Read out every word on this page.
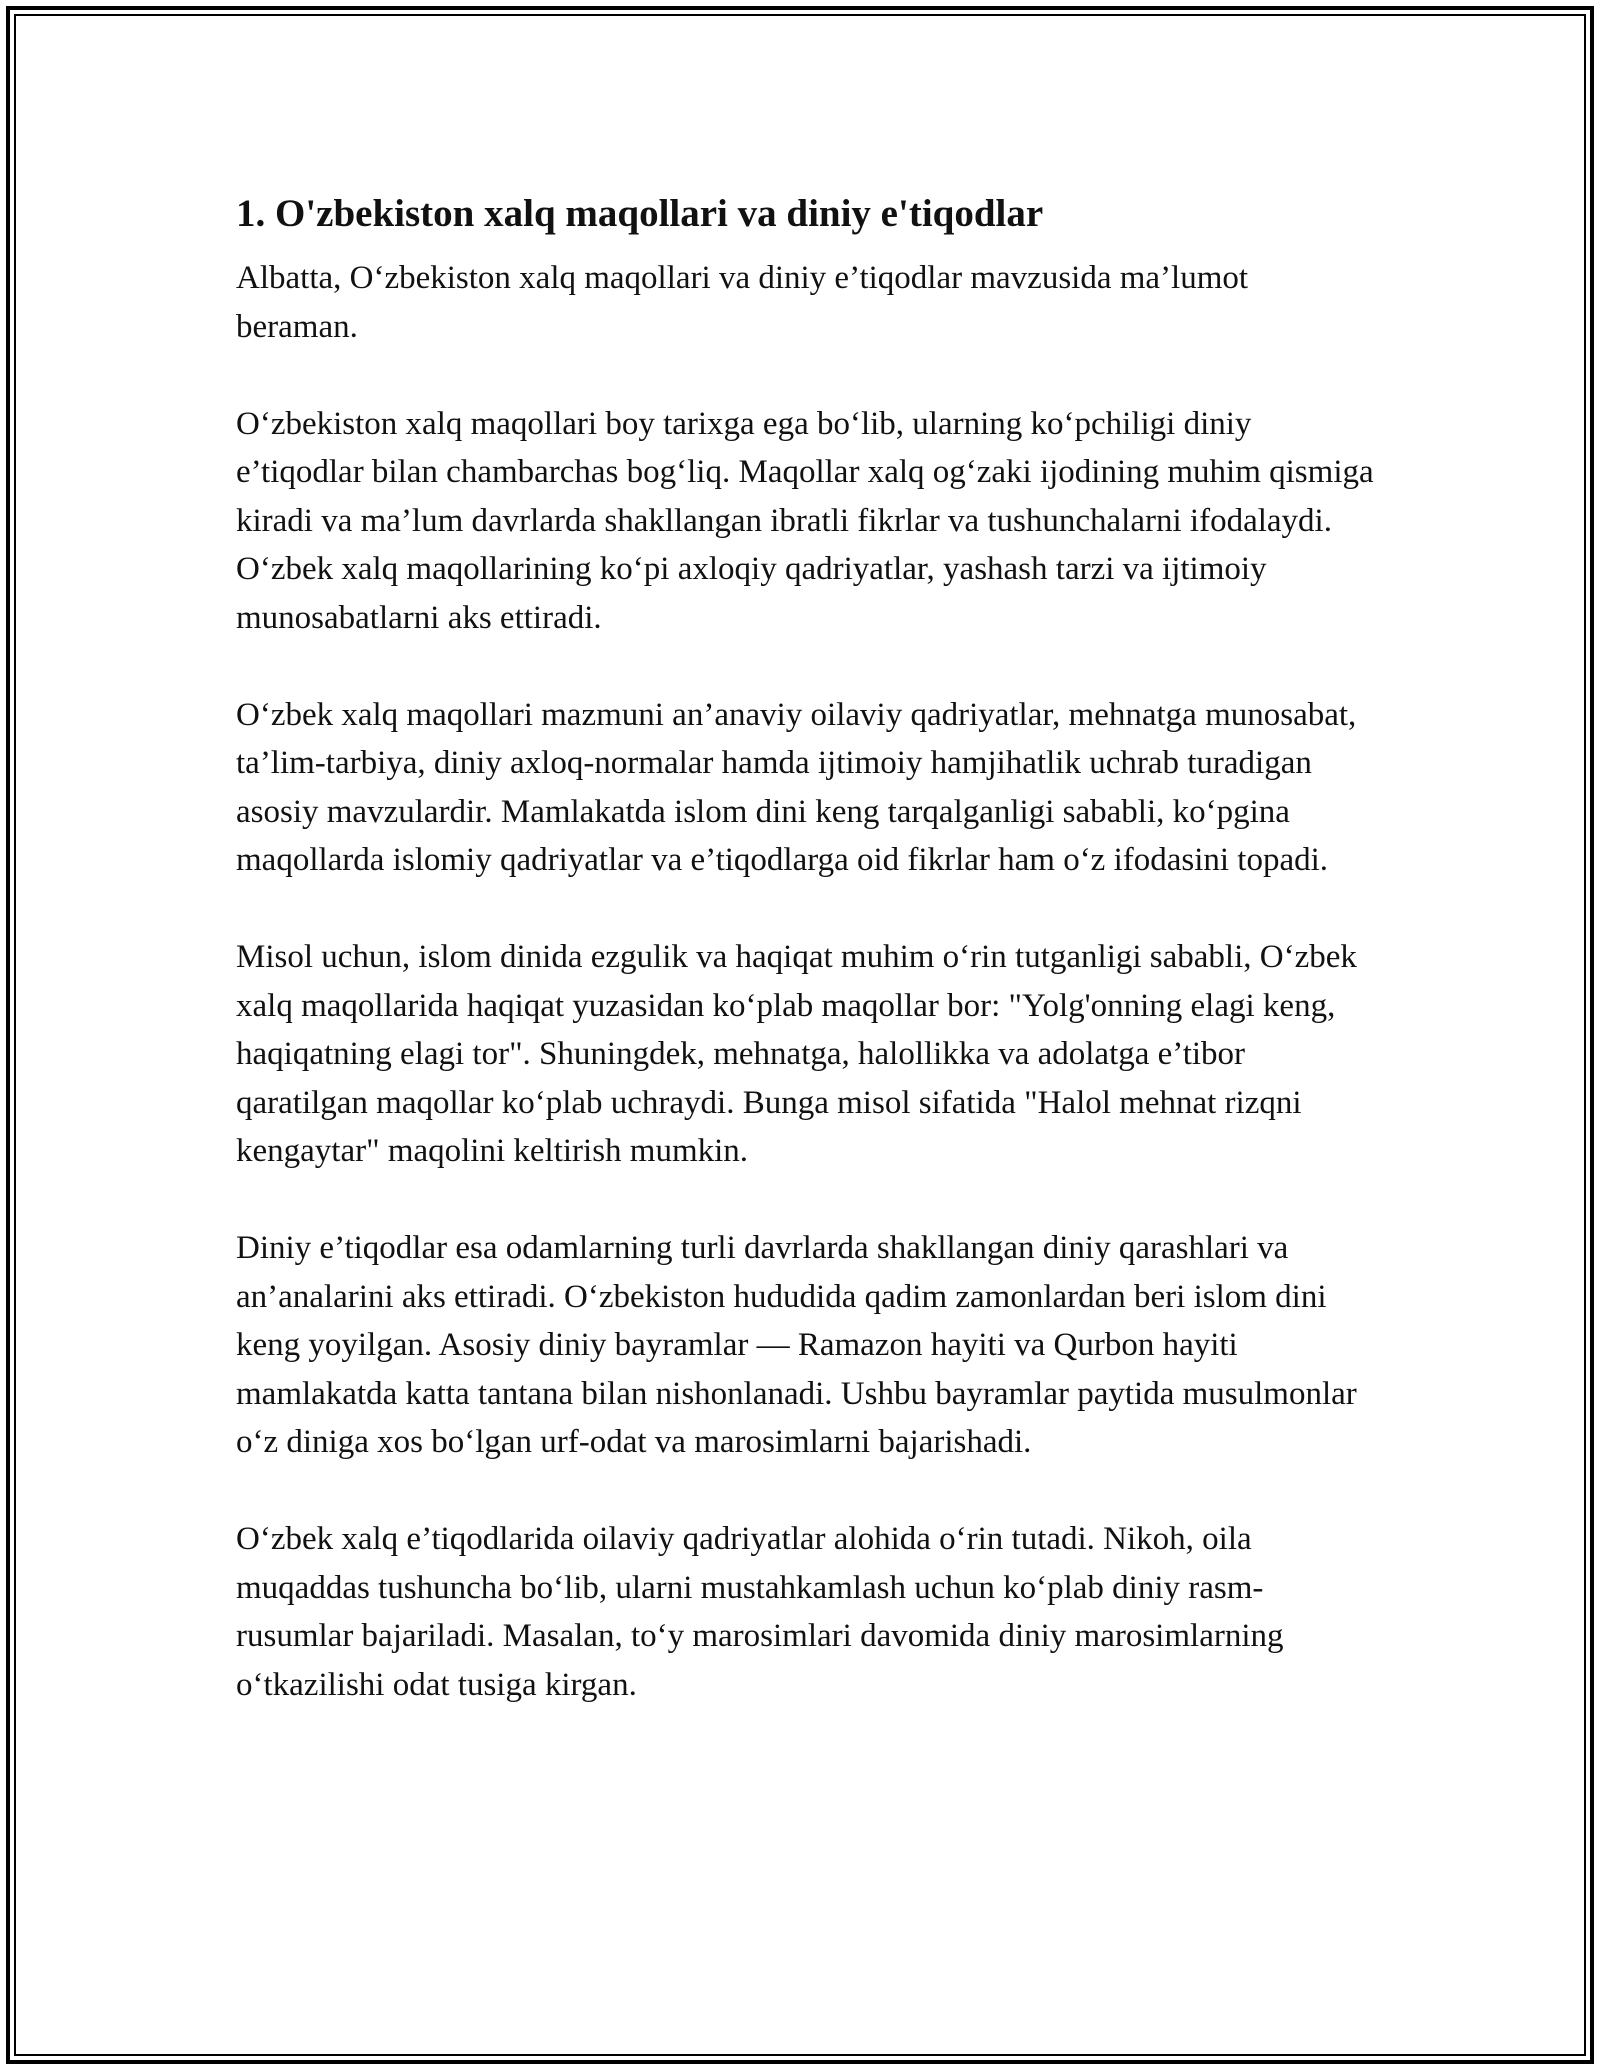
1. O'zbekiston xalq maqollari va diniy e'tiqodlar

Albatta, O‘zbekiston xalq maqollari va diniy e’tiqodlar mavzusida ma’lumot beraman.

O‘zbekiston xalq maqollari boy tarixga ega bo‘lib, ularning ko‘pchiligi diniy e’tiqodlar bilan chambarchas bog‘liq. Maqollar xalq og‘zaki ijodining muhim qismiga kiradi va ma’lum davrlarda shakllangan ibratli fikrlar va tushunchalarni ifodalaydi. O‘zbek xalq maqollarining ko‘pi axloqiy qadriyatlar, yashash tarzi va ijtimoiy munosabatlarni aks ettiradi.

O‘zbek xalq maqollari mazmuni an’anaviy oilaviy qadriyatlar, mehnatga munosabat, ta’lim-tarbiya, diniy axloq-normalar hamda ijtimoiy hamjihatlik uchrab turadigan asosiy mavzulardir. Mamlakatda islom dini keng tarqalganligi sababli, ko‘pgina maqollarda islomiy qadriyatlar va e’tiqodlarga oid fikrlar ham o‘z ifodasini topadi.

Misol uchun, islom dinida ezgulik va haqiqat muhim o‘rin tutganligi sababli, O‘zbek xalq maqollarida haqiqat yuzasidan ko‘plab maqollar bor: "Yolg'onning elagi keng, haqiqatning elagi tor". Shuningdek, mehnatga, halollikka va adolatga e’tibor qaratilgan maqollar ko‘plab uchraydi. Bunga misol sifatida "Halol mehnat rizqni kengaytar" maqolini keltirish mumkin.

Diniy e’tiqodlar esa odamlarning turli davrlarda shakllangan diniy qarashlari va an’analarini aks ettiradi. O‘zbekiston hududida qadim zamonlardan beri islom dini keng yoyilgan. Asosiy diniy bayramlar — Ramazon hayiti va Qurbon hayiti mamlakatda katta tantana bilan nishonlanadi. Ushbu bayramlar paytida musulmonlar o‘z diniga xos bo‘lgan urf-odat va marosimlarni bajarishadi.

O‘zbek xalq e’tiqodlarida oilaviy qadriyatlar alohida o‘rin tutadi. Nikoh, oila muqaddas tushuncha bo‘lib, ularni mustahkamlash uchun ko‘plab diniy rasm-rusumlar bajariladi. Masalan, to‘y marosimlari davomida diniy marosimlarning o‘tkazilishi odat tusiga kirgan.
